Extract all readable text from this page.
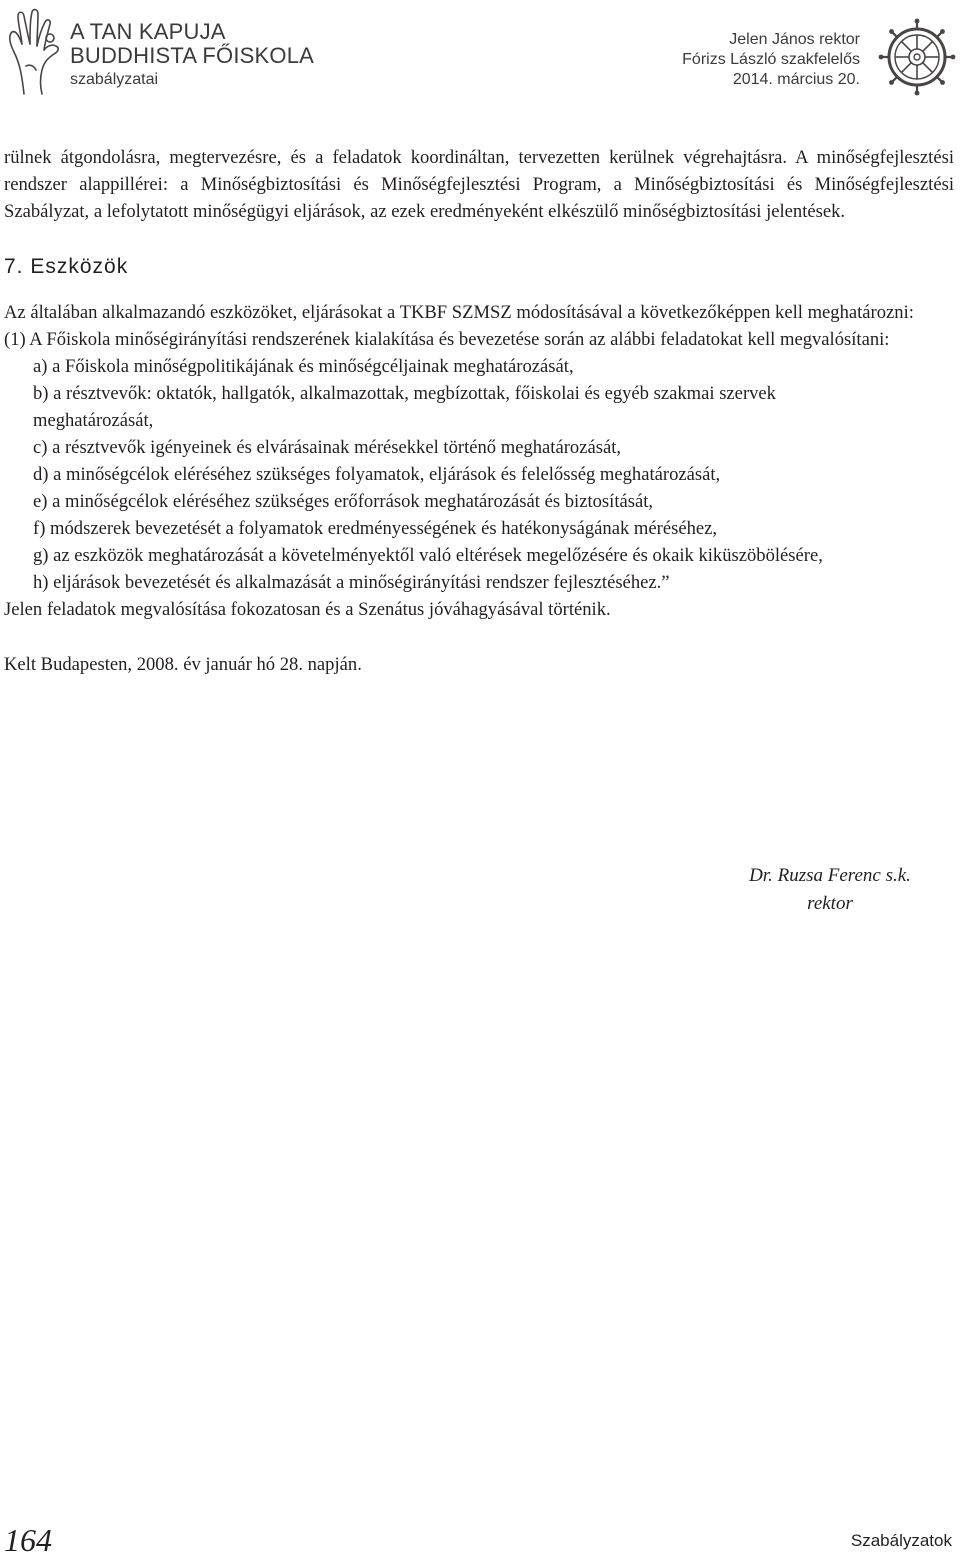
A TAN KAPUJA
BUDDHISTA FŐISKOLA
szabályzatai
Jelen János rektor
Fórizs László szakfelelős
2014. március 20.

rülnek átgondolásra, megtervezésre, és a feladatok koordináltan, tervezetten kerülnek végrehajtásra. A minőségfejlesztési rendszer alappillérei: a Minőségbiztosítási és Minőségfejlesztési Program, a Minőségbiztosítási és Minőségfejlesztési Szabályzat, a lefolytatott minőségügyi eljárások, az ezek eredményeként elkészülő minőségbiztosítási jelentések.

7. Eszközök

Az általában alkalmazandó eszközöket, eljárásokat a TKBF SZMSZ módosításával a következőképpen kell meghatározni:

(1) A Főiskola minőségirányítási rendszerének kialakítása és bevezetése során az alábbi feladatokat kell megvalósítani:

a) a Főiskola minőségpolitikájának és minőségcéljainak meghatározását,

b) a résztvevők: oktatók, hallgatók, alkalmazottak, megbízottak, főiskolai és egyéb szakmai szervek

meghatározását,

c) a résztvevők igényeinek és elvárásainak mérésekkel történő meghatározását,

d) a minőségcélok eléréséhez szükséges folyamatok, eljárások és felelősség meghatározását,

e) a minőségcélok eléréséhez szükséges erőforrások meghatározását és biztosítását,

f) módszerek bevezetését a folyamatok eredményességének és hatékonyságának méréséhez,

g) az eszközök meghatározását a követelményektől való eltérések megelőzésére és okaik kiküszöbölésére,

h) eljárások bevezetését és alkalmazását a minőségirányítási rendszer fejlesztéséhez.”

Jelen feladatok megvalósítása fokozatosan és a Szenátus jóváhagyásával történik.

Kelt Budapesten, 2008. év január hó 28. napján.

Dr. Ruzsa Ferenc s.k.
rektor
164	Szabályzatok
